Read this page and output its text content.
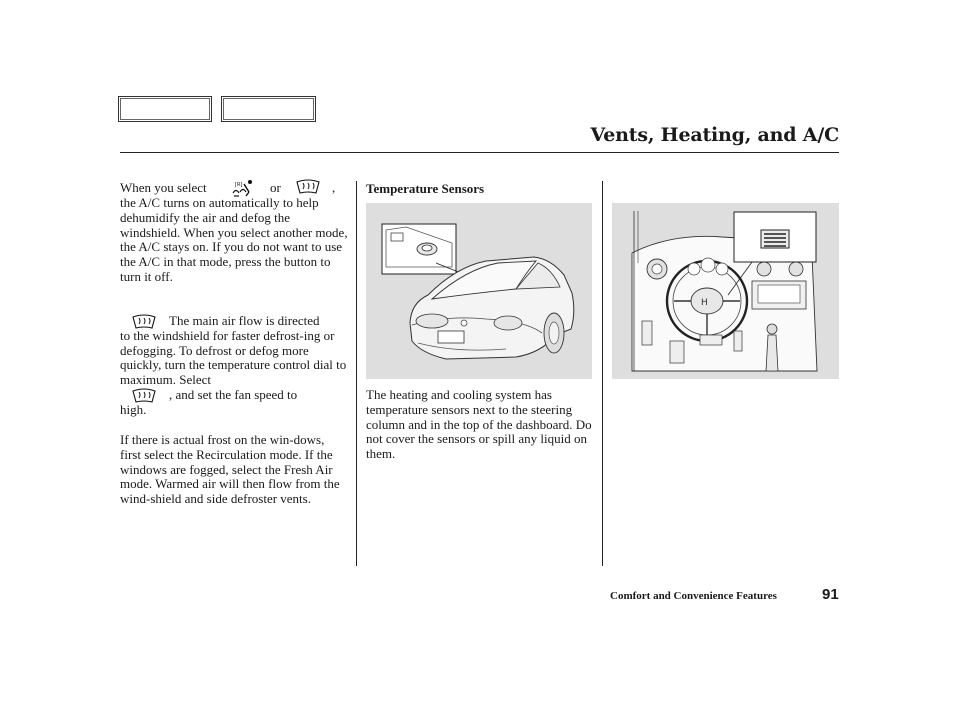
Vents, Heating, and A/C
When you select	or	,

the A/C turns on automatically to help dehumidify the air and defog the windshield. When you select another mode, the A/C stays on. If you do not want to use the A/C in that mode, press the button to turn it off.

[R]
The main air flow is directed

to the windshield for faster defrost-ing or defogging. To defrost or defog more quickly, turn the temperature control dial to maximum. Select

, and set the fan speed to
high.

If there is actual frost on the win-dows, first select the Recirculation mode. If the windows are fogged, select the Fresh Air mode. Warmed air will then flow from the wind-shield and side defroster vents.

Temperature Sensors

The heating and cooling system has temperature sensors next to the steering column and in the top of the dashboard. Do not cover the sensors or spill any liquid on them.

H
Comfort and Convenience Features	91
